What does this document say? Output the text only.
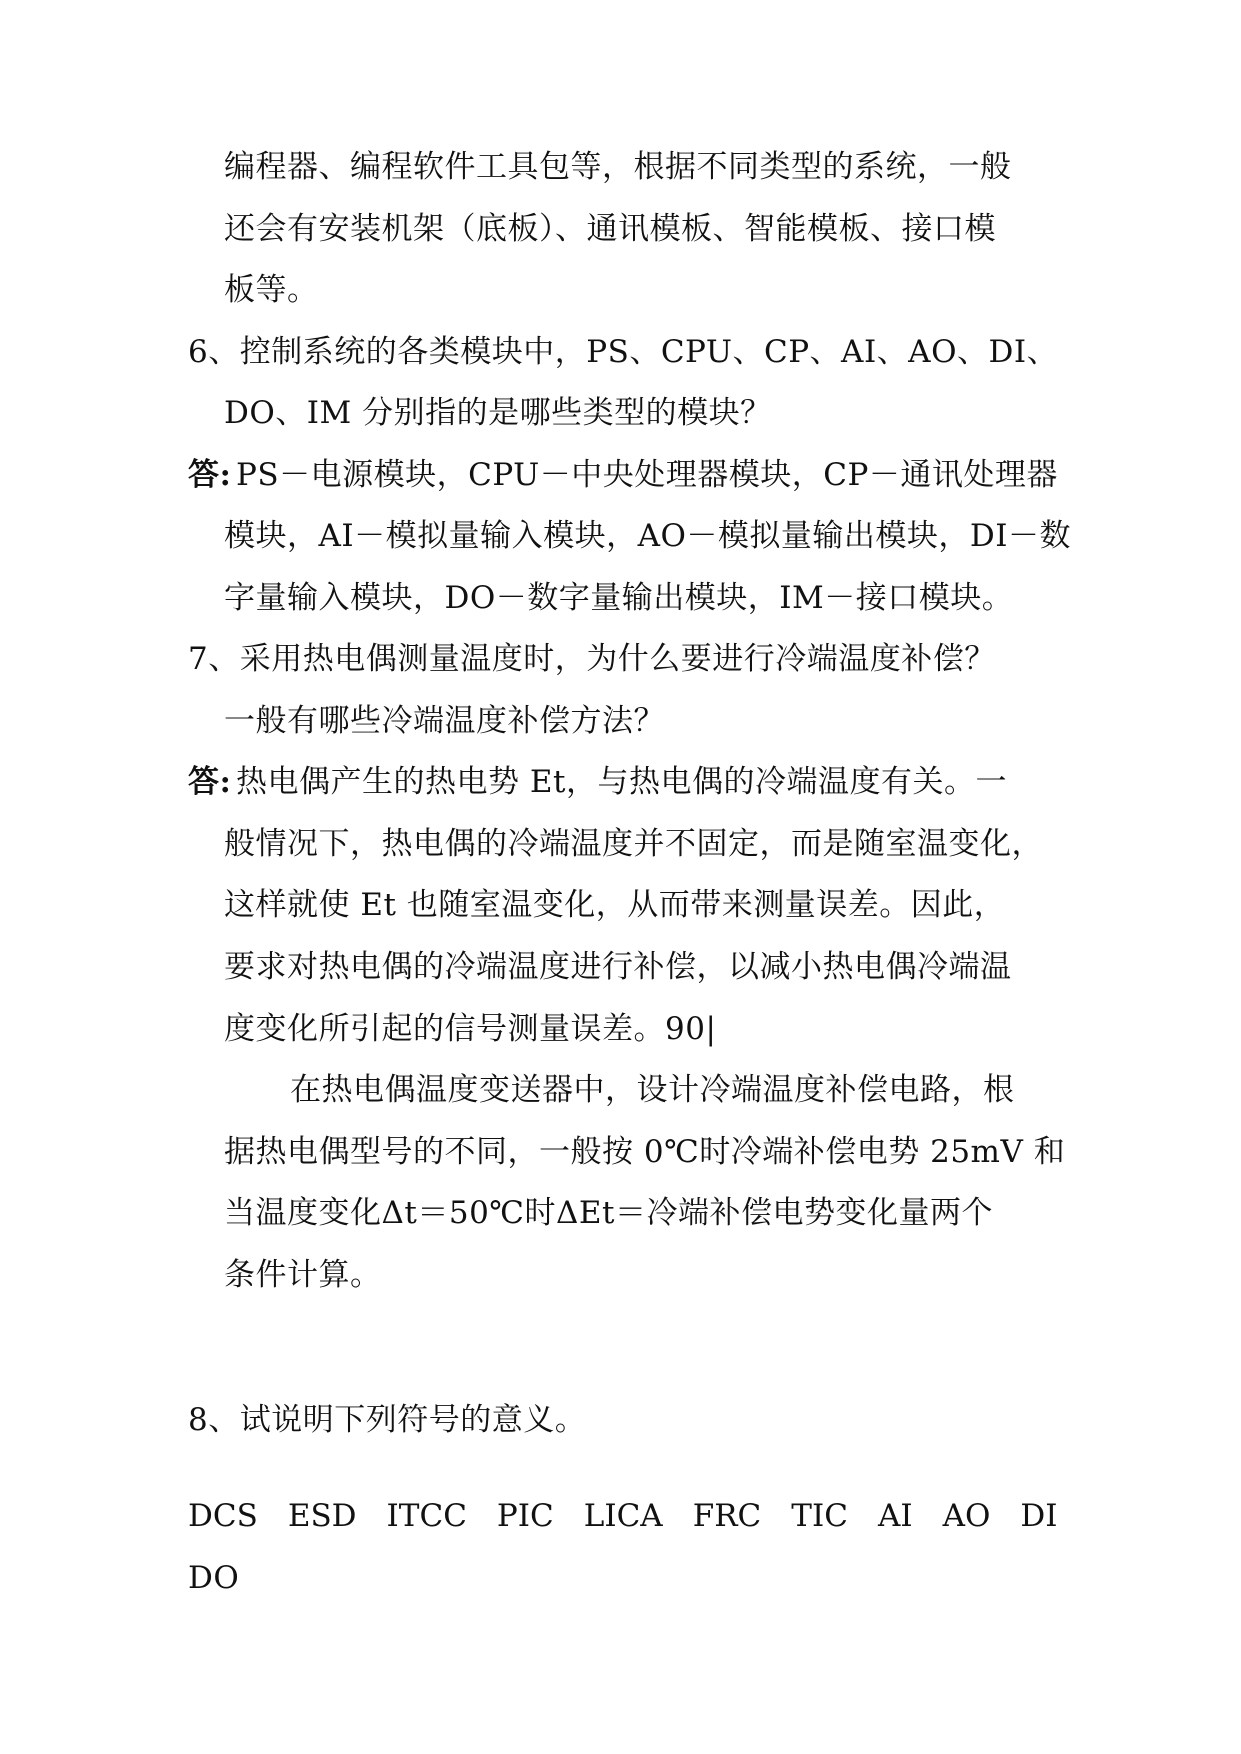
编程器、编程软件工具包等，根据不同类型的系统，一般
还会有安装机架（底板）、通讯模板、智能模板、接口模
板等。
6、控制系统的各类模块中，PS、CPU、CP、AI、AO、DI、
DO、IM 分别指的是哪些类型的模块？
答: PS－电源模块，CPU－中央处理器模块，CP－通讯处理器
模块，AI－模拟量输入模块，AO－模拟量输出模块，DI－数
字量输入模块，DO－数字量输出模块，IM－接口模块。
7、采用热电偶测量温度时，为什么要进行冷端温度补偿？
一般有哪些冷端温度补偿方法？
答: 热电偶产生的热电势 Et，与热电偶的冷端温度有关。一
般情况下，热电偶的冷端温度并不固定，而是随室温变化，
这样就使 Et 也随室温变化，从而带来测量误差。因此，
要求对热电偶的冷端温度进行补偿，以减小热电偶冷端温
度变化所引起的信号测量误差。90|
在热电偶温度变送器中，设计冷端温度补偿电路，根
据热电偶型号的不同，一般按 0℃时冷端补偿电势 25mV 和
当温度变化Δt＝50℃时ΔEt＝冷端补偿电势变化量两个
条件计算。
8、试说明下列符号的意义。
DCS ESD ITCC PIC LICA FRC TIC AI AO DI
DO
